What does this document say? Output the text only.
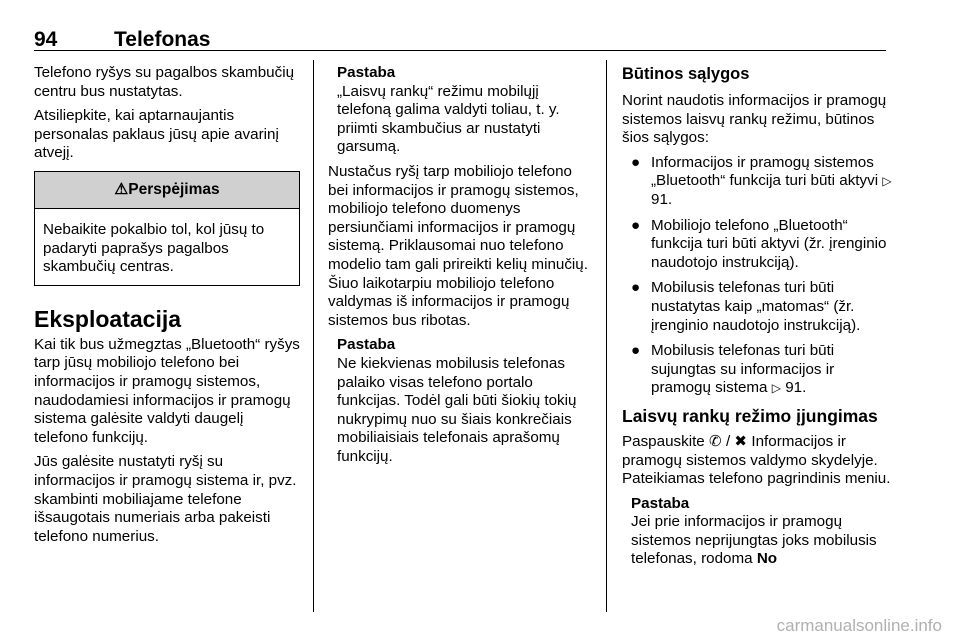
94	Telefonas

Telefono ryšys su pagalbos skambučių centru bus nustatytas.

Atsiliepkite, kai aptarnaujantis personalas paklaus jūsų apie avarinį atvejį.

⚠Perspėjimas
Nebaikite pokalbio tol, kol jūsų to padaryti paprašys pagalbos skambučių centras.
Eksploatacija

Kai tik bus užmegztas „Bluetooth“ ryšys tarp jūsų mobiliojo telefono bei informacijos ir pramogų sistemos, naudodamiesi informacijos ir pramogų sistema galėsite valdyti daugelį telefono funkcijų.

Jūs galėsite nustatyti ryšį su informacijos ir pramogų sistema ir, pvz. skambinti mobiliajame telefone išsaugotais numeriais arba pakeisti telefono numerius.

Pastaba
„Laisvų rankų“ režimu mobilųjį telefoną galima valdyti toliau, t. y. priimti skambučius ar nustatyti garsumą.

Nustačus ryšį tarp mobiliojo telefono bei informacijos ir pramogų sistemos, mobiliojo telefono duomenys persiunčiami informacijos ir pramogų sistemą. Priklausomai nuo telefono modelio tam gali prireikti kelių minučių. Šiuo laikotarpiu mobiliojo telefono valdymas iš informacijos ir pramogų sistemos bus ribotas.

Pastaba
Ne kiekvienas mobilusis telefonas palaiko visas telefono portalo funkcijas. Todėl gali būti šiokių tokių nukrypimų nuo su šiais konkrečiais mobiliaisiais telefonais aprašomų funkcijų.
Būtinos sąlygos

Norint naudotis informacijos ir pramogų sistemos laisvų rankų režimu, būtinos šios sąlygos:

● Informacijos ir pramogų sistemos „Bluetooth“ funkcija turi būti aktyvi ▷ 91.
● Mobiliojo telefono „Bluetooth“ funkcija turi būti aktyvi (žr. įrenginio naudotojo instrukciją).
● Mobilusis telefonas turi būti nustatytas kaip „matomas“ (žr. įrenginio naudotojo instrukciją).
● Mobilusis telefonas turi būti sujungtas su informacijos ir pramogų sistema ▷ 91.
Laisvų rankų režimo įjungimas

Paspauskite ✆ / ✖ Informacijos ir pramogų sistemos valdymo skydelyje. Pateikiamas telefono pagrindinis meniu.

Pastaba
Jei prie informacijos ir pramogų sistemos neprijungtas joks mobilusis telefonas, rodoma No
carmanualsonline.info
